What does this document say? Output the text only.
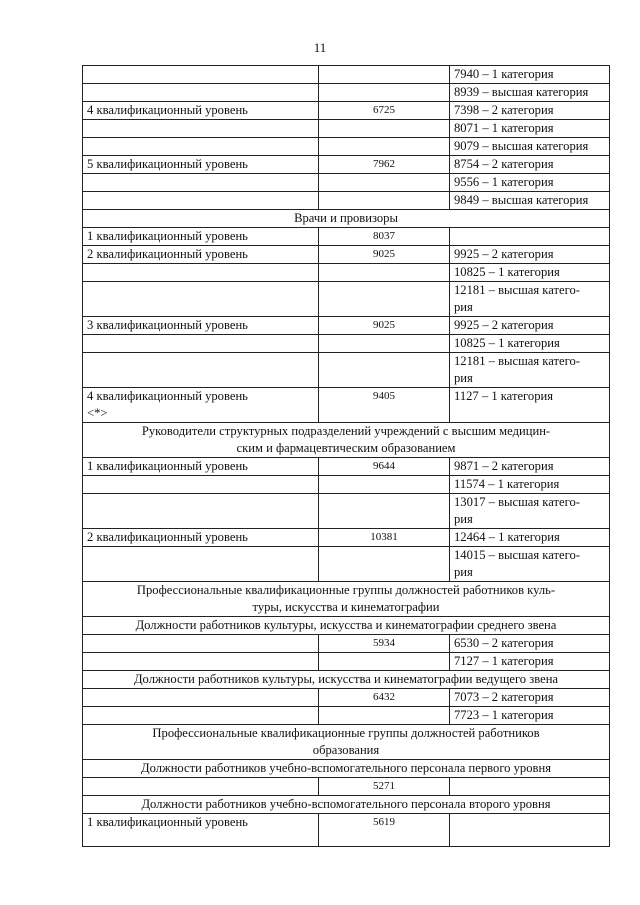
11
		7940 – 1 категория
		8939 – высшая категория
4 квалификационный уровень	6725	7398 – 2 категория
		8071 – 1 категория
		9079 – высшая категория
5 квалификационный уровень	7962	8754 – 2 категория
		9556 – 1 категория
		9849 – высшая категория
Врачи и провизоры		
1 квалификационный уровень	8037	
2 квалификационный уровень	9025	9925 – 2 категория
		10825 – 1 категория
		12181 – высшая катего-
рия
3 квалификационный уровень	9025	9925 – 2 категория
		10825 – 1 категория
		12181 – высшая катего-
рия
4 квалификационный уровень
<*>	9405	1127 – 1 категория
Руководители структурных подразделений учреждений с высшим медицин-
ским и фармацевтическим образованием		
1 квалификационный уровень	9644	9871 – 2 категория
		11574 – 1 категория
		13017 – высшая катего-
рия
2 квалификационный уровень	10381	12464 – 1 категория
		14015 – высшая катего-
рия
Профессиональные квалификационные группы должностей работников куль-
туры, искусства и кинематографии		
Должности работников культуры, искусства и кинематографии среднего звена		
	5934	6530 – 2 категория
		7127 – 1 категория
Должности работников культуры, искусства и кинематографии ведущего звена		
	6432	7073 – 2 категория
		7723 – 1 категория
Профессиональные квалификационные группы должностей работников
образования		
Должности работников учебно-вспомогательного персонала первого уровня		
	5271	
Должности работников учебно-вспомогательного персонала второго уровня		
1 квалификационный уровень	5619	
